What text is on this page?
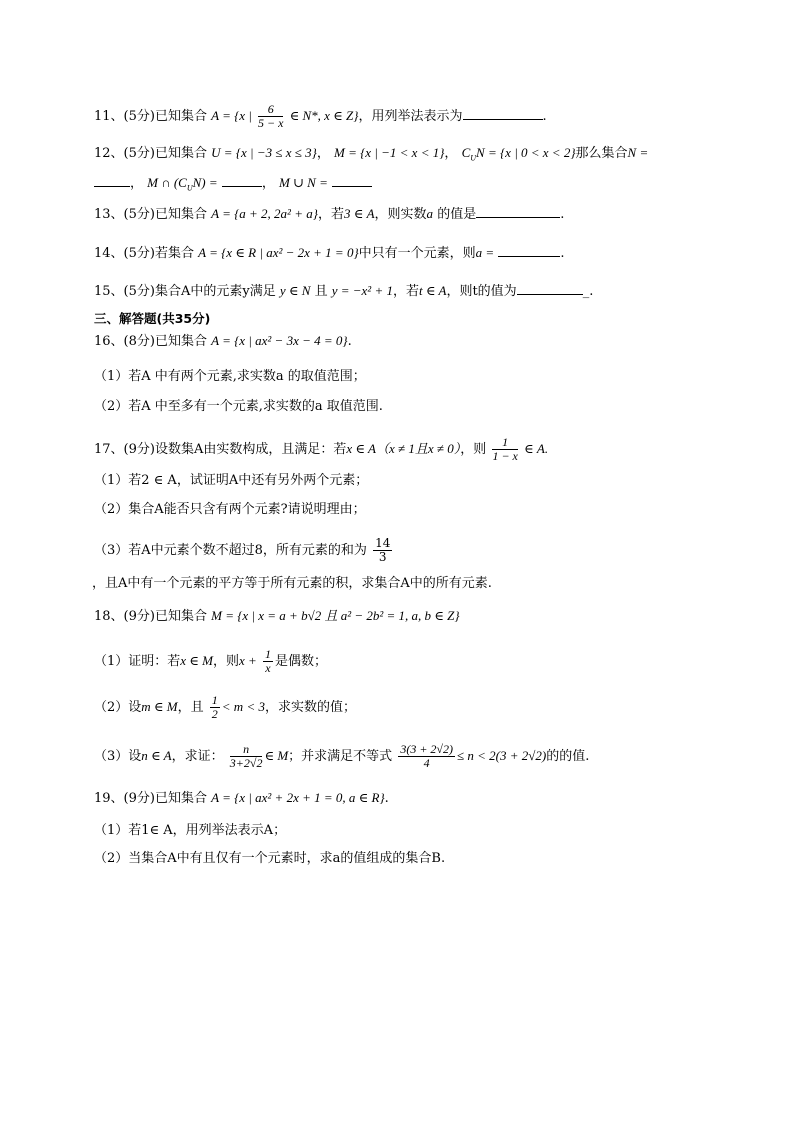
11、(5分)已知集合 A = {x | $\frac{6}{5 - x}$ ∈ N*, x ∈ Z}，用列举法表示为	.
12、(5分)已知集合 U = {x | −3 ≤ x ≤ 3}， M = {x | −1 < x < 1}， $C_UN = \{x$ | 0 < x < 2}那么集合N =
， M ∩ $(C_UN)$ =	， M ∪ N =
13、(5分)已知集合 A = {a + 2, 2a² + a}，若3 ∈ A，则实数a 的值是	.
14、(5分)若集合 A = {x ∈ R | ax² − 2x + 1 = 0}中只有一个元素，则a =	.
15、(5分)集合A中的元素y满足 y ∈ N 且 y = −x² + 1，若t ∈ A，则t的值为	_.
三、解答题(共35分)
16、(8分)已知集合 A = {x | ax² − 3x − 4 = 0}.
（1）若A 中有两个元素,求实数a 的取值范围；
（2）若A 中至多有一个元素,求实数的a 取值范围.
17、(9分)设数集A由实数构成，且满足：若x ∈ A（x ≠ 1且x ≠ 0），则 $\frac{1}{1 - x}$ ∈ A.
（1）若2 ∈ A，试证明A中还有另外两个元素；
（2）集合A能否只含有两个元素?请说明理由；
（3）若A中元素个数不超过8，所有元素的和为 $\frac{14}{3}$
，且A中有一个元素的平方等于所有元素的积，求集合A中的所有元素.
18、(9分)已知集合 M = {x | x = a + b√2 且 a² − 2b² = 1, a, b ∈ Z}
（1）证明：若x ∈ M，则$x + \frac{1}{x}$ 是偶数；
（2）设m ∈ M，且 $\frac{1}{2} < m < 3$，求实数的值；
（3）设n ∈ A，求证： $\frac{n}{3+2√2}$ ∈ M；并求满足不等式 $\frac{3(3 + 2√2)}{4} \le n < 2(3 + 2√2)$的的值.
19、(9分)已知集合 A = {x | ax² + 2x + 1 = 0, a ∈ R}.
（1）若1∈ A，用列举法表示A；
（2）当集合A中有且仅有一个元素时，求a的值组成的集合B.
